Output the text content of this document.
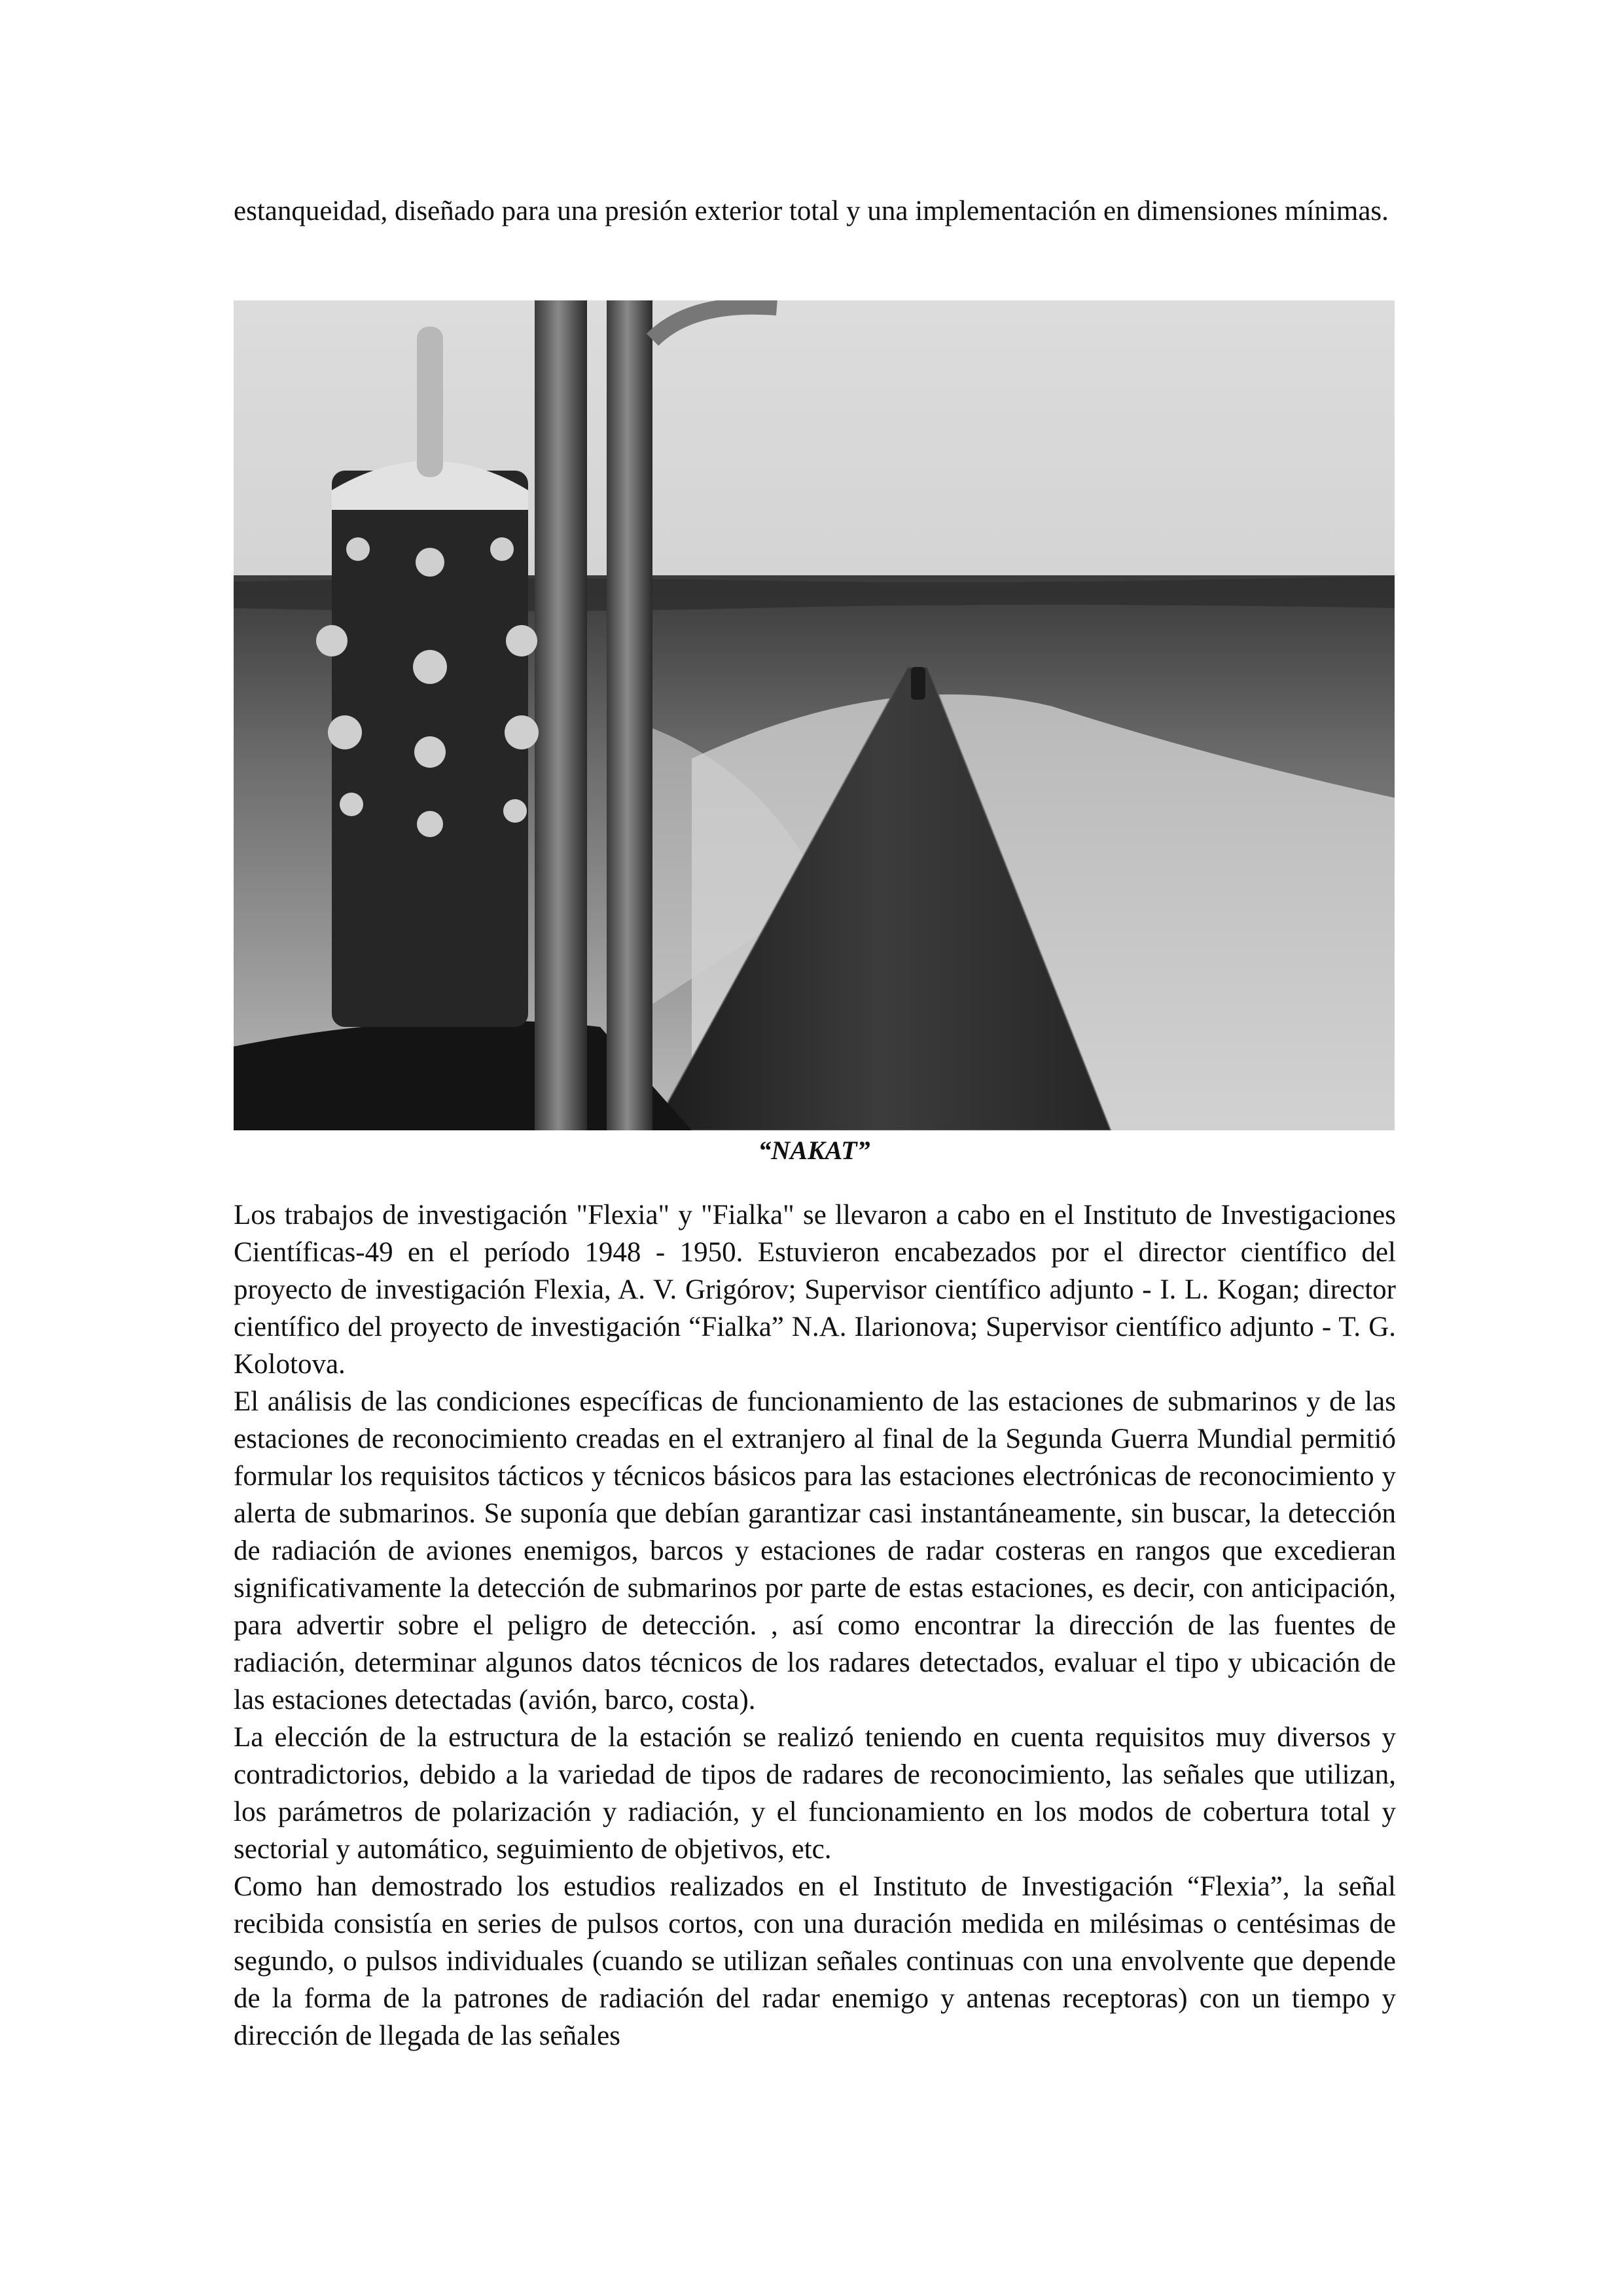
estanqueidad, diseñado para una presión exterior total y una implementación en dimensiones mínimas.

“NAKAT”

Los trabajos de investigación "Flexia" y "Fialka" se llevaron a cabo en el Instituto de Investigaciones Científicas-49 en el período 1948 - 1950. Estuvieron encabezados por el director científico del proyecto de investigación Flexia, A. V. Grigórov; Supervisor científico adjunto - I. L. Kogan; director científico del proyecto de investigación “Fialka” N.A. Ilarionova; Supervisor científico adjunto - T. G. Kolotova.

El análisis de las condiciones específicas de funcionamiento de las estaciones de submarinos y de las estaciones de reconocimiento creadas en el extranjero al final de la Segunda Guerra Mundial permitió formular los requisitos tácticos y técnicos básicos para las estaciones electrónicas de reconocimiento y alerta de submarinos. Se suponía que debían garantizar casi instantáneamente, sin buscar, la detección de radiación de aviones enemigos, barcos y estaciones de radar costeras en rangos que excedieran significativamente la detección de submarinos por parte de estas estaciones, es decir, con anticipación, para advertir sobre el peligro de detección. , así como encontrar la dirección de las fuentes de radiación, determinar algunos datos técnicos de los radares detectados, evaluar el tipo y ubicación de las estaciones detectadas (avión, barco, costa).

La elección de la estructura de la estación se realizó teniendo en cuenta requisitos muy diversos y contradictorios, debido a la variedad de tipos de radares de reconocimiento, las señales que utilizan, los parámetros de polarización y radiación, y el funcionamiento en los modos de cobertura total y sectorial y automático, seguimiento de objetivos, etc.

Como han demostrado los estudios realizados en el Instituto de Investigación “Flexia”, la señal recibida consistía en series de pulsos cortos, con una duración medida en milésimas o centésimas de segundo, o pulsos individuales (cuando se utilizan señales continuas con una envolvente que depende de la forma de la patrones de radiación del radar enemigo y antenas receptoras) con un tiempo y dirección de llegada de las señales
